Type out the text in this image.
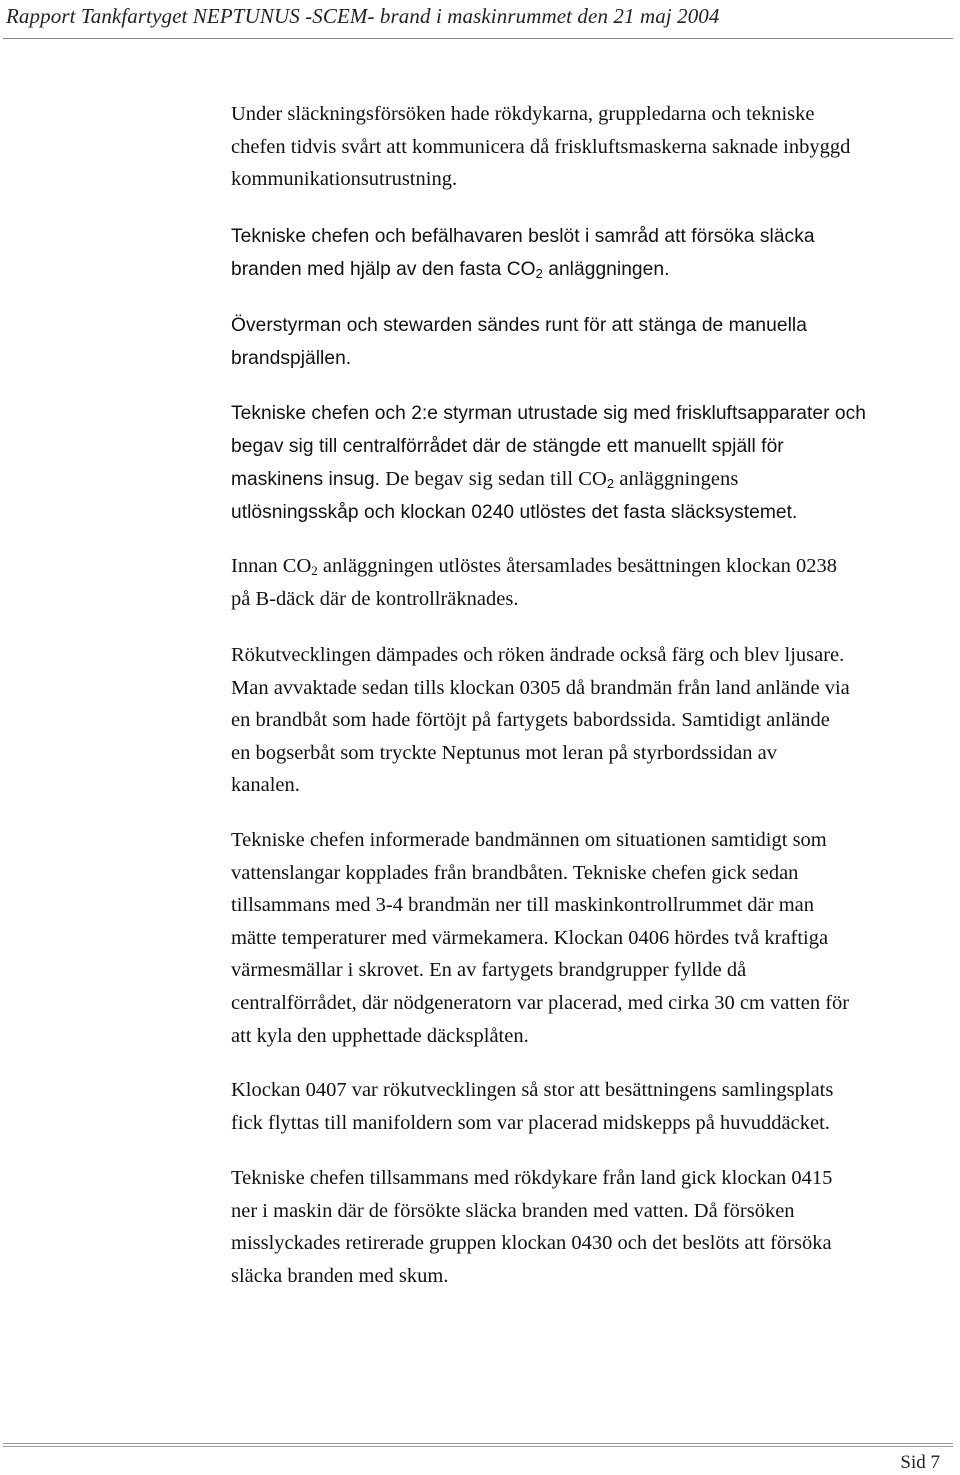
Rapport Tankfartyget NEPTUNUS -SCEM- brand i maskinrummet den 21 maj 2004

Under släckningsförsöken hade rökdykarna, gruppledarna och tekniske
chefen tidvis svårt att kommunicera då friskluftsmaskerna saknade inbyggd
kommunikationsutrustning.

Tekniske chefen och befälhavaren beslöt i samråd att försöka släcka
branden med hjälp av den fasta $CO_2$ anläggningen.

Överstyrman och stewarden sändes runt för att stänga de manuella
brandspjällen.

Tekniske chefen och 2:e styrman utrustade sig med friskluftsapparater och
begav sig till centralförrådet där de stängde ett manuellt spjäll för
maskinens insug. De begav sig sedan till $CO_2$ anläggningens
utlösningsskåp och klockan 0240 utlöstes det fasta släcksystemet.

Innan $CO_2$ anläggningen utlöstes återsamlades besättningen klockan 0238
på B-däck där de kontrollräknades.

Rökutvecklingen dämpades och röken ändrade också färg och blev ljusare.
Man avvaktade sedan tills klockan 0305 då brandmän från land anlände via
en brandbåt som hade förtöjt på fartygets babordssida. Samtidigt anlände
en bogserbåt som tryckte Neptunus mot leran på styrbordssidan av
kanalen.

Tekniske chefen informerade bandmännen om situationen samtidigt som
vattenslangar kopplades från brandbåten. Tekniske chefen gick sedan
tillsammans med 3-4 brandmän ner till maskinkontrollrummet där man
mätte temperaturer med värmekamera. Klockan 0406 hördes två kraftiga
värmesmällar i skrovet. En av fartygets brandgrupper fyllde då
centralförrådet, där nödgeneratorn var placerad, med cirka 30 cm vatten för
att kyla den upphettade däcksplåten.

Klockan 0407 var rökutvecklingen så stor att besättningens samlingsplats
fick flyttas till manifoldern som var placerad midskepps på huvuddäcket.

Tekniske chefen tillsammans med rökdykare från land gick klockan 0415
ner i maskin där de försökte släcka branden med vatten. Då försöken
misslyckades retirerade gruppen klockan 0430 och det beslöts att försöka
släcka branden med skum.

Sid 7
